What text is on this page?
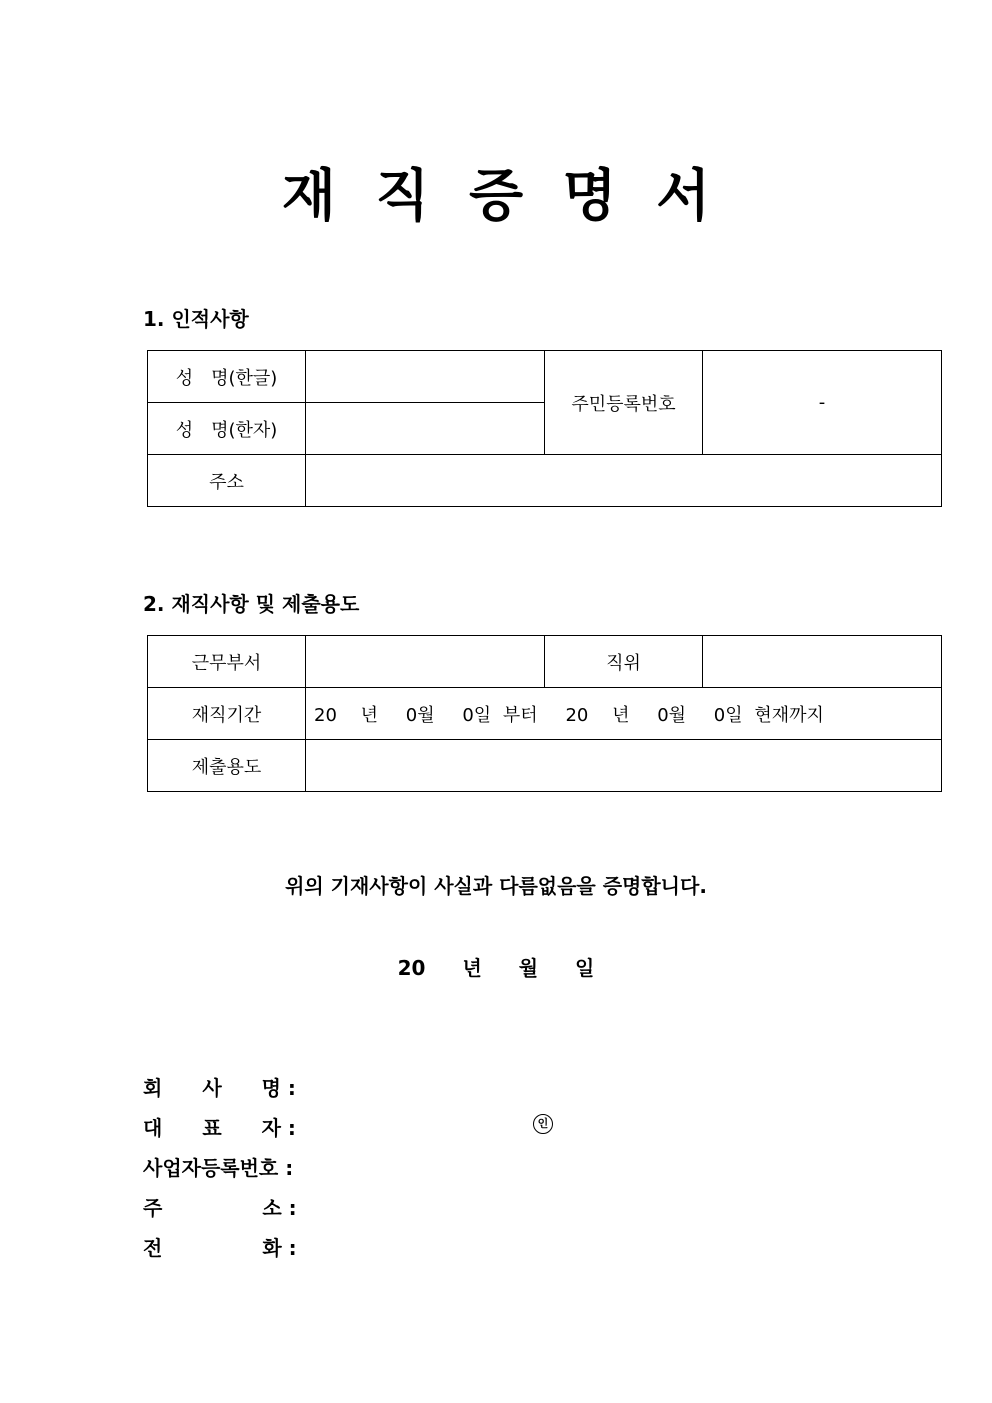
재 직 증 명 서
1. 인적사항
성　명(한글)		주민등록번호	-
성　명(한자)			
주소			
2. 재직사항 및 제출용도
근무부서		직위	
재직기간	20 년 0월 0일 부터 20 년 0월 0일 현재까지		
제출용도			
위의 기재사항이 사실과 다름없음을 증명합니다.
20 년 월 일
회　　사　　명 :
대　　표　　자 :	인
사업자등록번호 :
주　　　　　소 :
전　　　　　화 :
